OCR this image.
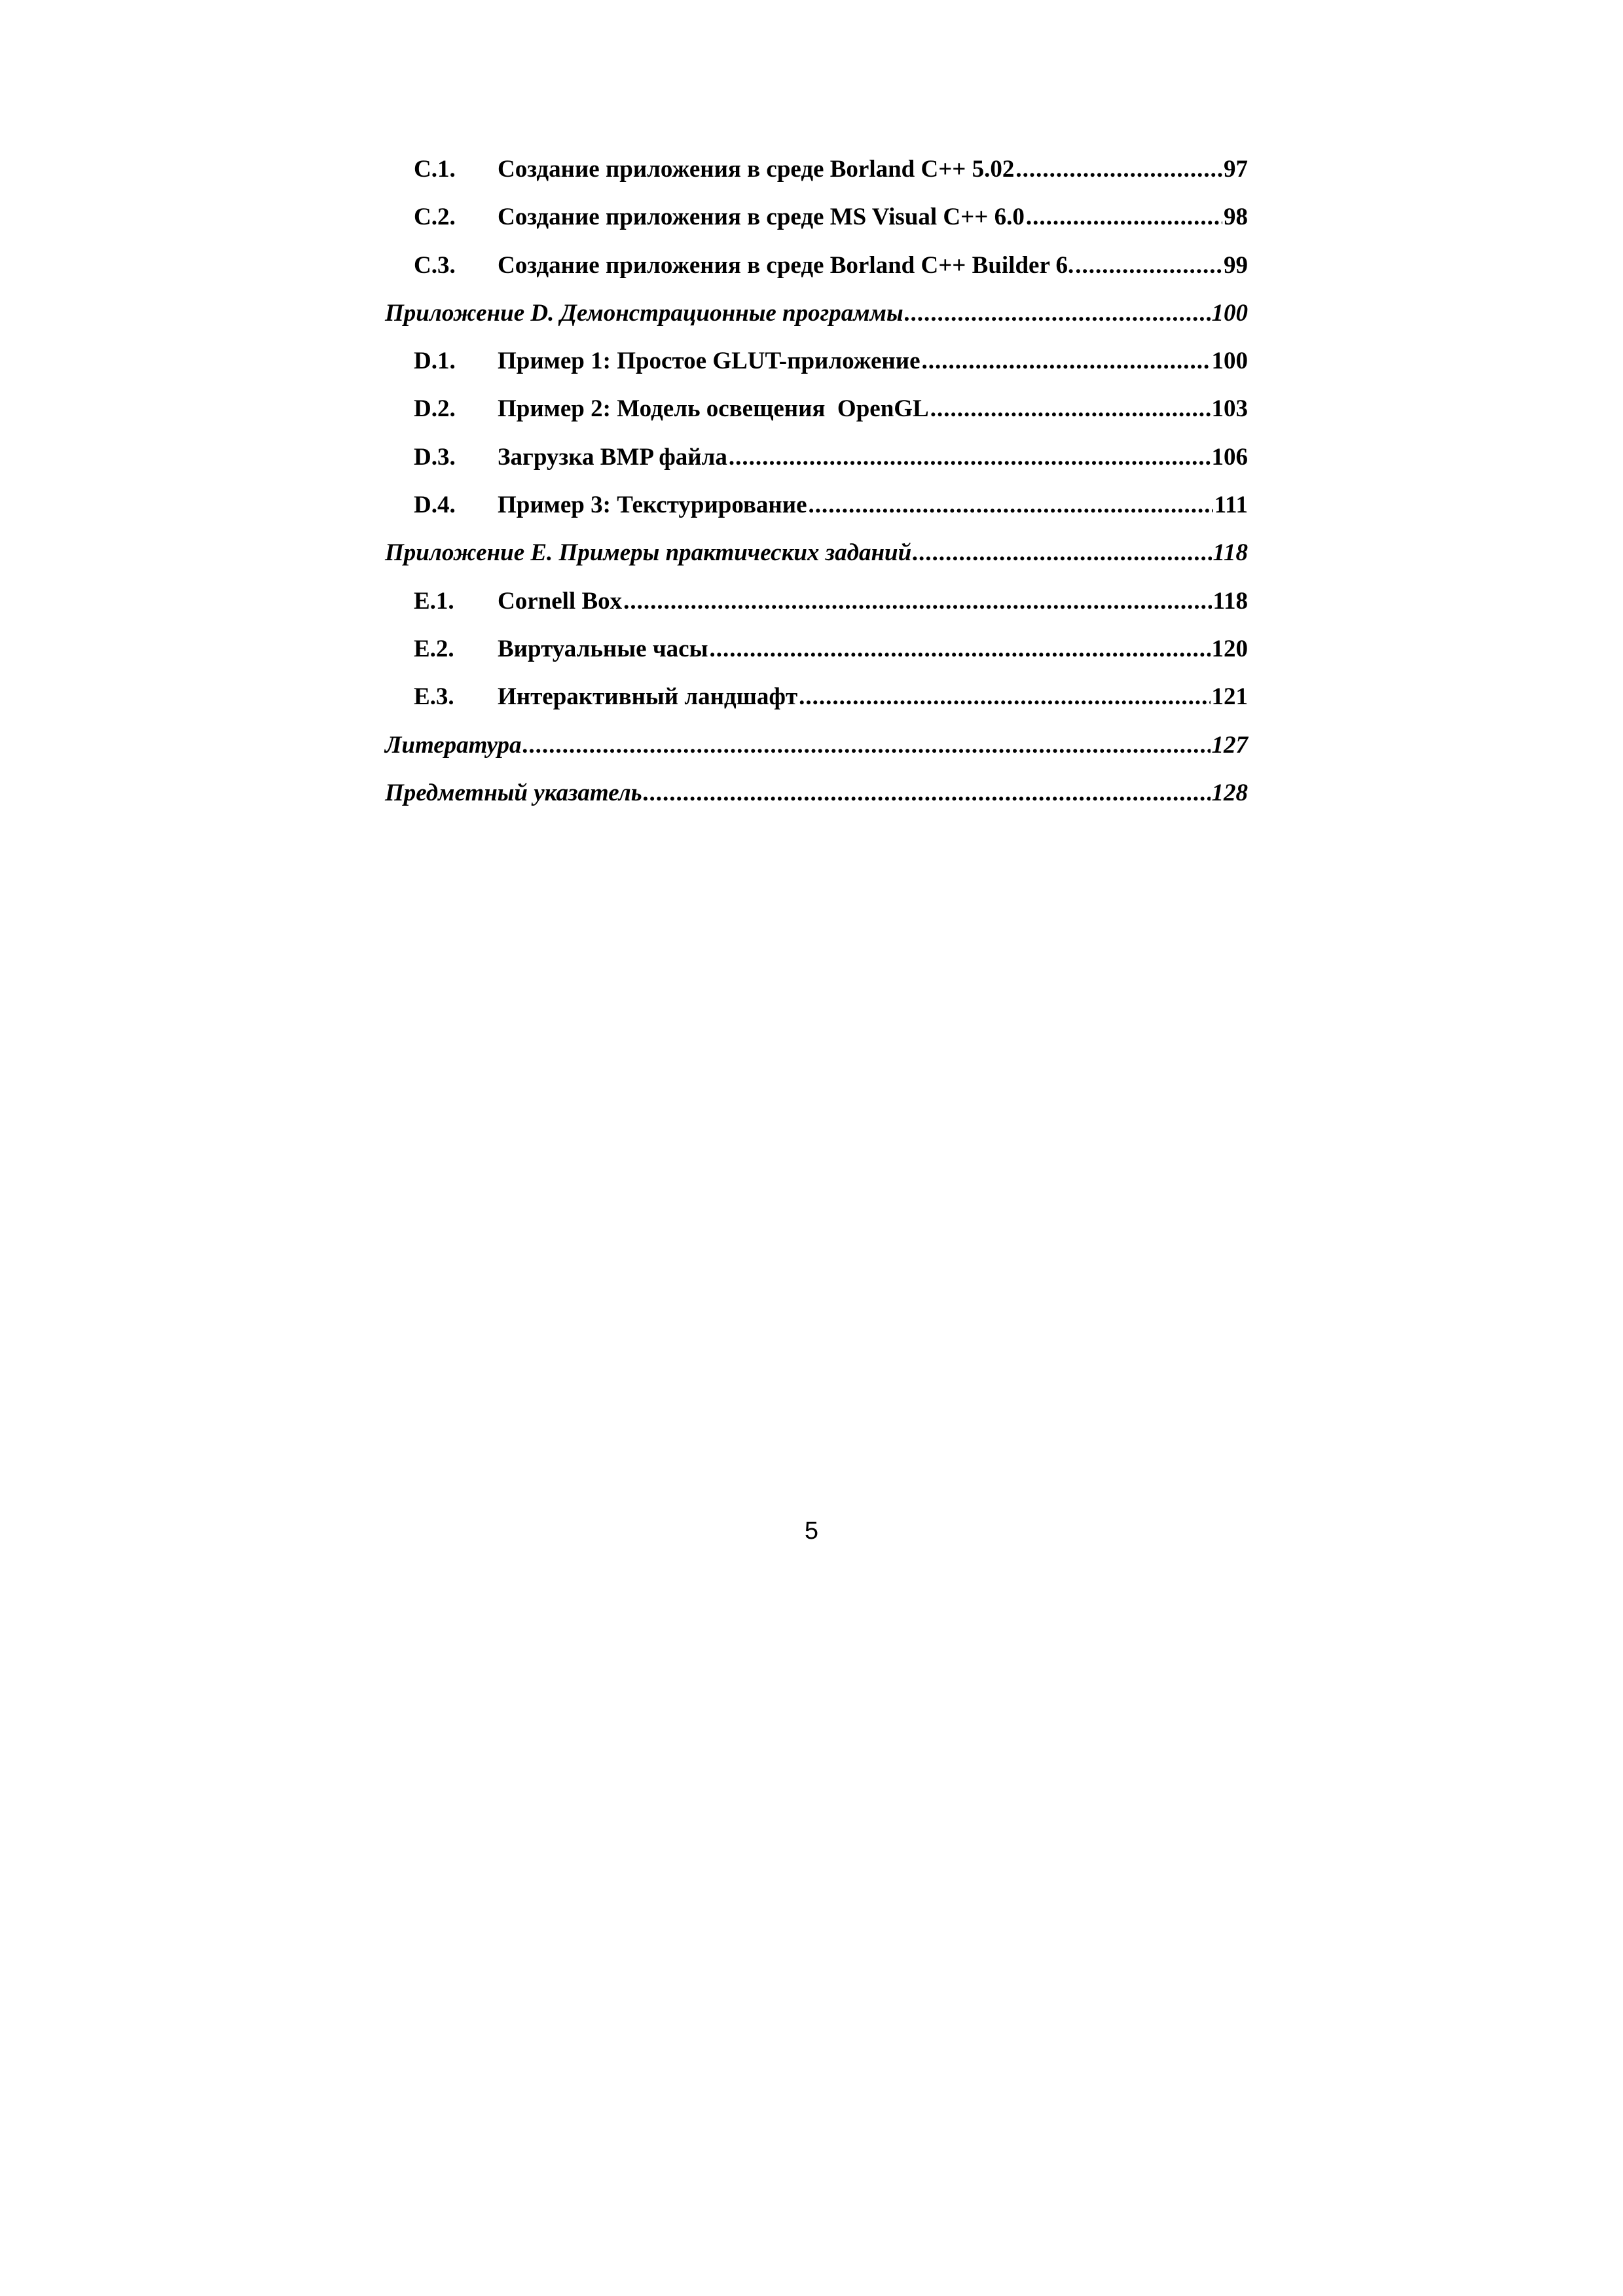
C.1.	Создание приложения в среде Borland C++ 5.02 .....	97
C.2.	Создание приложения в среде MS Visual C++ 6.0 .....	98
C.3.	Создание приложения в среде Borland C++ Builder 6. .....	99
Приложение D. Демонстрационные программы .....	100
D.1.	Пример 1: Простое GLUT-приложение .....	100
D.2.	Пример 2: Модель освещения  OpenGL .....	103
D.3.	Загрузка BMP файла .....	106
D.4.	Пример 3: Текстурирование .....	111
Приложение E. Примеры практических заданий .....	118
E.1.	Cornell Box .....	118
E.2.	Виртуальные часы .....	120
E.3.	Интерактивный ландшафт .....	121
Литература .....	127
Предметный указатель .....	128
5
